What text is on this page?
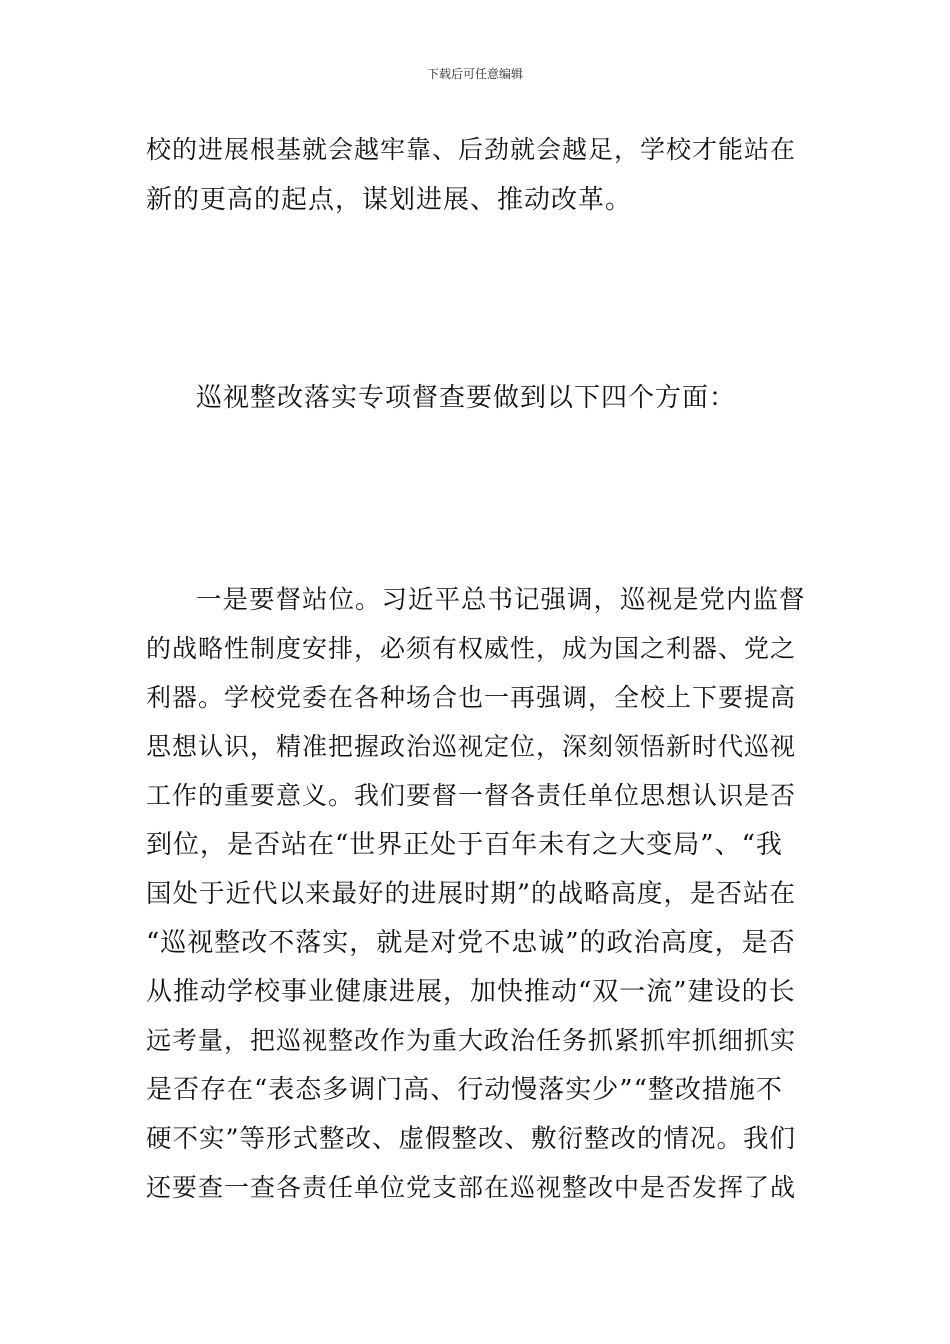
下载后可任意编辑
校的进展根基就会越牢靠、后劲就会越足，学校才能站在
新的更高的起点，谋划进展、推动改革。
巡视整改落实专项督查要做到以下四个方面：
一是要督站位。习近平总书记强调，巡视是党内监督
的战略性制度安排，必须有权威性，成为国之利器、党之
利器。学校党委在各种场合也一再强调，全校上下要提高
思想认识，精准把握政治巡视定位，深刻领悟新时代巡视
工作的重要意义。我们要督一督各责任单位思想认识是否
到位，是否站在“世界正处于百年未有之大变局”、“我
国处于近代以来最好的进展时期”的战略高度，是否站在
“巡视整改不落实，就是对党不忠诚”的政治高度，是否
从推动学校事业健康进展，加快推动“双一流”建设的长
远考量，把巡视整改作为重大政治任务抓紧抓牢抓细抓实
是否存在“表态多调门高、行动慢落实少”“整改措施不
硬不实”等形式整改、虚假整改、敷衍整改的情况。我们
还要查一查各责任单位党支部在巡视整改中是否发挥了战
